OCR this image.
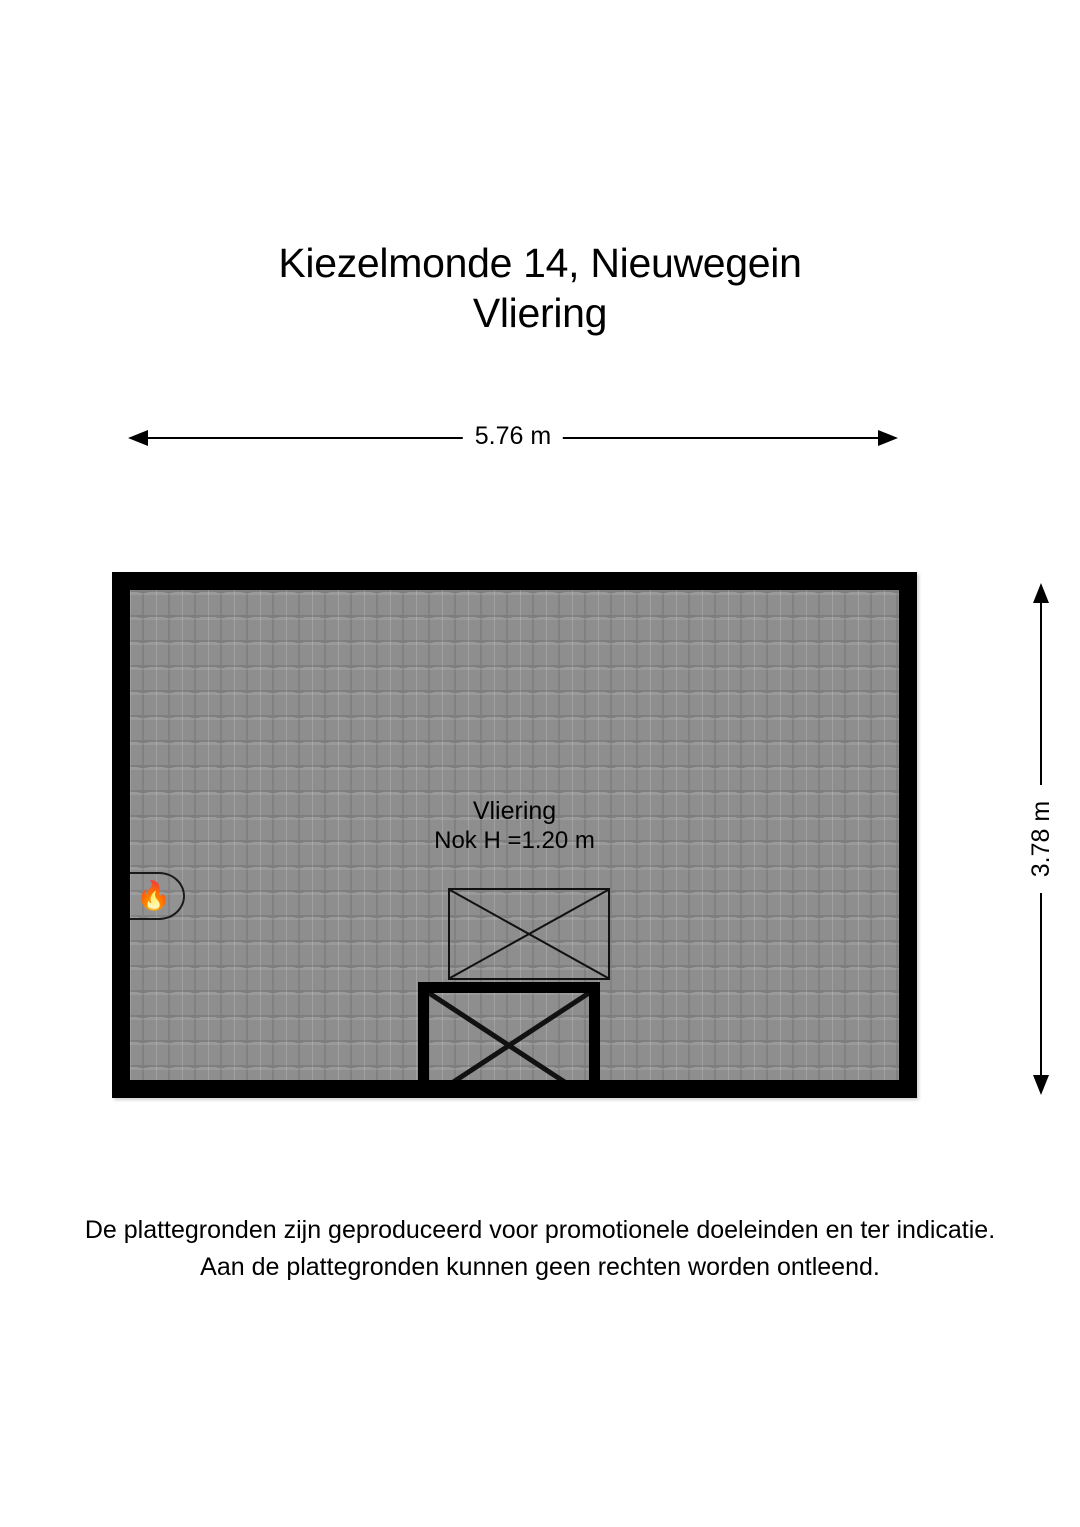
Kiezelmonde 14, Nieuwegein
Vliering
5.76 m
3.78 m
Vliering
Nok H =1.20 m
🔥
De plattegronden zijn geproduceerd voor promotionele doeleinden en ter indicatie.
Aan de plattegronden kunnen geen rechten worden ontleend.
